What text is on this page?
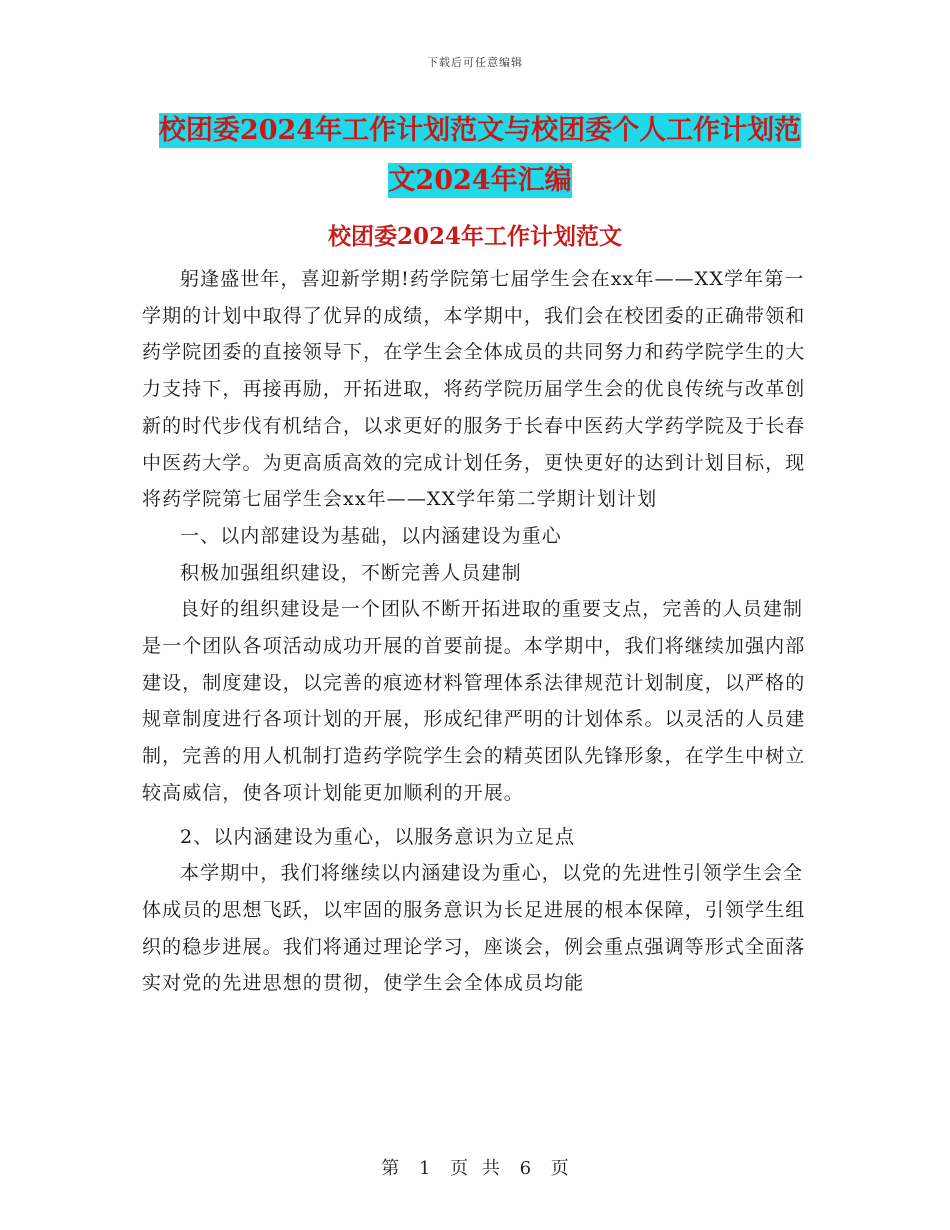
下载后可任意编辑
校团委2024年工作计划范文与校团委个人工作计划范
文2024年汇编
校团委2024年工作计划范文

躬逢盛世年，喜迎新学期!药学院第七届学生会在xx年——XX学年第一学期的计划中取得了优异的成绩，本学期中，我们会在校团委的正确带领和药学院团委的直接领导下，在学生会全体成员的共同努力和药学院学生的大力支持下，再接再励，开拓进取，将药学院历届学生会的优良传统与改革创新的时代步伐有机结合，以求更好的服务于长春中医药大学药学院及于长春中医药大学。为更高质高效的完成计划任务，更快更好的达到计划目标，现将药学院第七届学生会xx年——XX学年第二学期计划计划

一、以内部建设为基础，以内涵建设为重心

积极加强组织建设，不断完善人员建制

良好的组织建设是一个团队不断开拓进取的重要支点，完善的人员建制是一个团队各项活动成功开展的首要前提。本学期中，我们将继续加强内部建设，制度建设，以完善的痕迹材料管理体系法律规范计划制度，以严格的规章制度进行各项计划的开展，形成纪律严明的计划体系。以灵活的人员建制，完善的用人机制打造药学院学生会的精英团队先锋形象，在学生中树立较高威信，使各项计划能更加顺利的开展。

2、以内涵建设为重心，以服务意识为立足点

本学期中，我们将继续以内涵建设为重心，以党的先进性引领学生会全体成员的思想飞跃，以牢固的服务意识为长足进展的根本保障，引领学生组织的稳步进展。我们将通过理论学习，座谈会，例会重点强调等形式全面落实对党的先进思想的贯彻，使学生会全体成员均能

第 1 页 共 6 页
